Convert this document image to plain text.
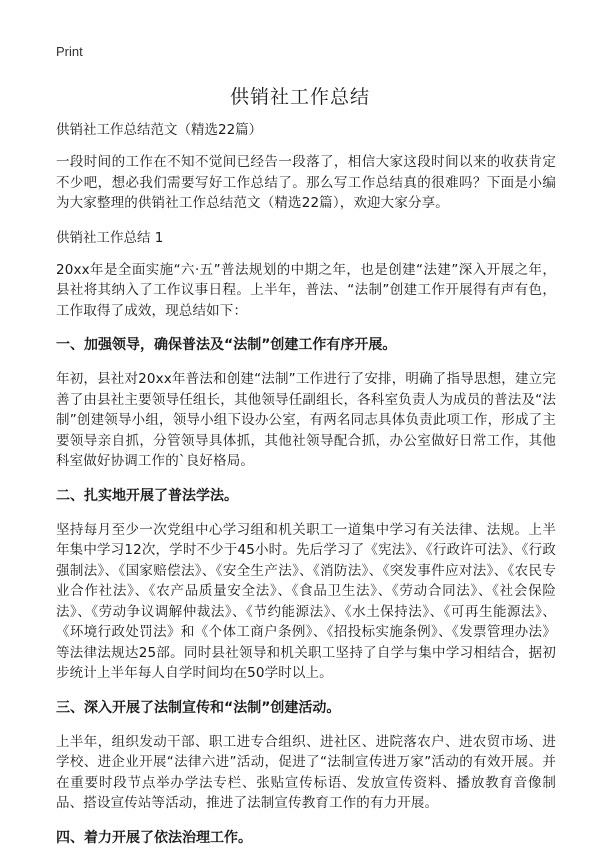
Print
供销社工作总结

供销社工作总结范文（精选22篇）

一段时间的工作在不知不觉间已经告一段落了，相信大家这段时间以来的收获肯定不少吧，想必我们需要写好工作总结了。那么写工作总结真的很难吗？下面是小编为大家整理的供销社工作总结范文（精选22篇），欢迎大家分享。

供销社工作总结 1

20xx年是全面实施“六·五”普法规划的中期之年，也是创建“法建”深入开展之年，县社将其纳入了工作议事日程。上半年，普法、“法制”创建工作开展得有声有色，工作取得了成效，现总结如下：

一、加强领导，确保普法及“法制”创建工作有序开展。

年初，县社对20xx年普法和创建“法制”工作进行了安排，明确了指导思想，建立完善了由县社主要领导任组长，其他领导任副组长，各科室负责人为成员的普法及“法制”创建领导小组，领导小组下设办公室，有两名同志具体负责此项工作，形成了主要领导亲自抓，分管领导具体抓，其他社领导配合抓，办公室做好日常工作，其他科室做好协调工作的`良好格局。

二、扎实地开展了普法学法。

坚持每月至少一次党组中心学习组和机关职工一道集中学习有关法律、法规。上半年集中学习12次，学时不少于45小时。先后学习了《宪法》、《行政许可法》、《行政强制法》、《国家赔偿法》、《安全生产法》、《消防法》、《突发事件应对法》、《农民专业合作社法》、《农产品质量安全法》、《食品卫生法》、《劳动合同法》、《社会保险法》、《劳动争议调解仲裁法》、《节约能源法》、《水土保持法》、《可再生能源法》、《环境行政处罚法》和《个体工商户条例》、《招投标实施条例》、《发票管理办法》等法律法规达25部。同时县社领导和机关职工坚持了自学与集中学习相结合，据初步统计上半年每人自学时间均在50学时以上。

三、深入开展了法制宣传和“法制”创建活动。

上半年，组织发动干部、职工进专合组织、进社区、进院落农户、进农贸市场、进学校、进企业开展“法律六进”活动，促进了“法制宣传进万家”活动的有效开展。并在重要时段节点举办学法专栏、张贴宣传标语、发放宣传资料、播放教育音像制品、搭设宣传站等活动，推进了法制宣传教育工作的有力开展。

四、着力开展了依法治理工作。
